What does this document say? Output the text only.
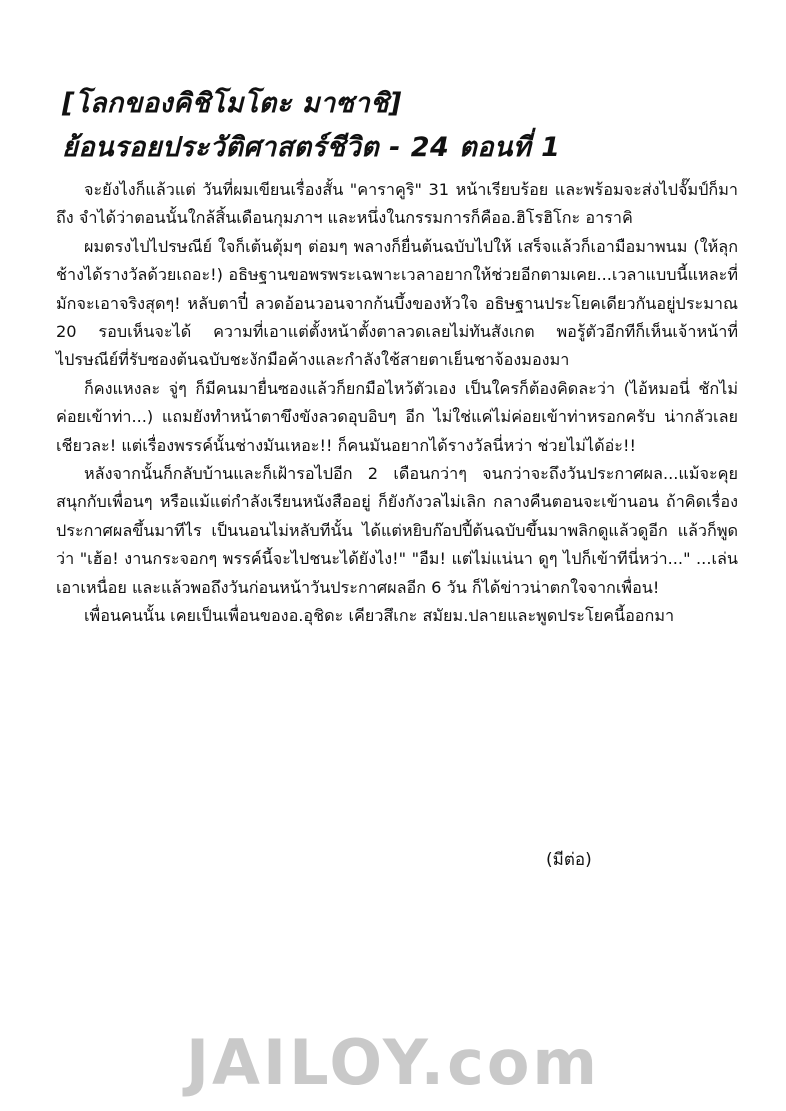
[โลกของคิชิโมโตะ มาซาชิ]
ย้อนรอยประวัติศาสตร์ชีวิต - 24 ตอนที่ 1

จะยังไงก็แล้วแต่ วันที่ผมเขียนเรื่องสั้น "คาราคูริ" 31 หน้าเรียบร้อย และพร้อมจะส่งไปจั๊มป์ก็มาถึง จำได้ว่าตอนนั้นใกล้สิ้นเดือนกุมภาฯ และหนึ่งในกรรมการก็คืออ.ฮิโรฮิโกะ อาราคิ

ผมตรงไปไปรษณีย์ ใจก็เต้นตุ้มๆ ต่อมๆ พลางก็ยื่นต้นฉบับไปให้ เสร็จแล้วก็เอามือมาพนม (ให้ลุกช้างได้รางวัลด้วยเถอะ!) อธิษฐานขอพรพระเฉพาะเวลาอยากให้ช่วยอีกตามเคย...เวลาแบบนี้แหละที่มักจะเอาจริงสุดๆ! หลับตาปี๋ ลวดอ้อนวอนจากก้นบึ้งของหัวใจ อธิษฐานประโยคเดียวกันอยู่ประมาณ 20 รอบเห็นจะได้ ความที่เอาแต่ตั้งหน้าตั้งตาลวดเลยไม่ทันสังเกต พอรู้ตัวอีกทีก็เห็นเจ้าหน้าที่ไปรษณีย์ที่รับซองต้นฉบับชะงักมือค้างและกำลังใช้สายตาเย็นชาจ้องมองมา

ก็คงแหงละ จู่ๆ ก็มีคนมายื่นซองแล้วก็ยกมือไหว้ตัวเอง เป็นใครก็ต้องคิดละว่า (ไอ้หมอนี่ ชักไม่ค่อยเข้าท่า...) แถมยังทำหน้าตาขึงขังลวดอุบอิบๆ อีก ไม่ใช่แค่ไม่ค่อยเข้าท่าหรอกครับ น่ากลัวเลยเชียวละ! แต่เรื่องพรรค์นั้นช่างมันเหอะ!! ก็คนมันอยากได้รางวัลนี่หว่า ช่วยไม่ได้อ่ะ!!

หลังจากนั้นก็กลับบ้านและก็เฝ้ารอไปอีก 2 เดือนกว่าๆ จนกว่าจะถึงวันประกาศผล...แม้จะคุยสนุกกับเพื่อนๆ หรือแม้แต่กำลังเรียนหนังสืออยู่ ก็ยังกังวลไม่เลิก กลางคืนตอนจะเข้านอน ถ้าคิดเรื่องประกาศผลขึ้นมาทีไร เป็นนอนไม่หลับทีนั้น ได้แต่หยิบก๊อปปี้ต้นฉบับขึ้นมาพลิกดูแล้วดูอีก แล้วก็พูดว่า "เฮ้อ! งานกระจอกๆ พรรค์นี้จะไปชนะได้ยังไง!" "อืม! แต่ไม่แน่นา ดูๆ ไปก็เข้าทีนี่หว่า..." ...เล่นเอาเหนื่อย และแล้วพอถึงวันก่อนหน้าวันประกาศผลอีก 6 วัน ก็ได้ข่าวน่าตกใจจากเพื่อน!

เพื่อนคนนั้น เคยเป็นเพื่อนของอ.อุชิดะ เคียวสึเกะ สมัยม.ปลายและพูดประโยคนี้ออกมา

(มีต่อ)
JAILOY.com
